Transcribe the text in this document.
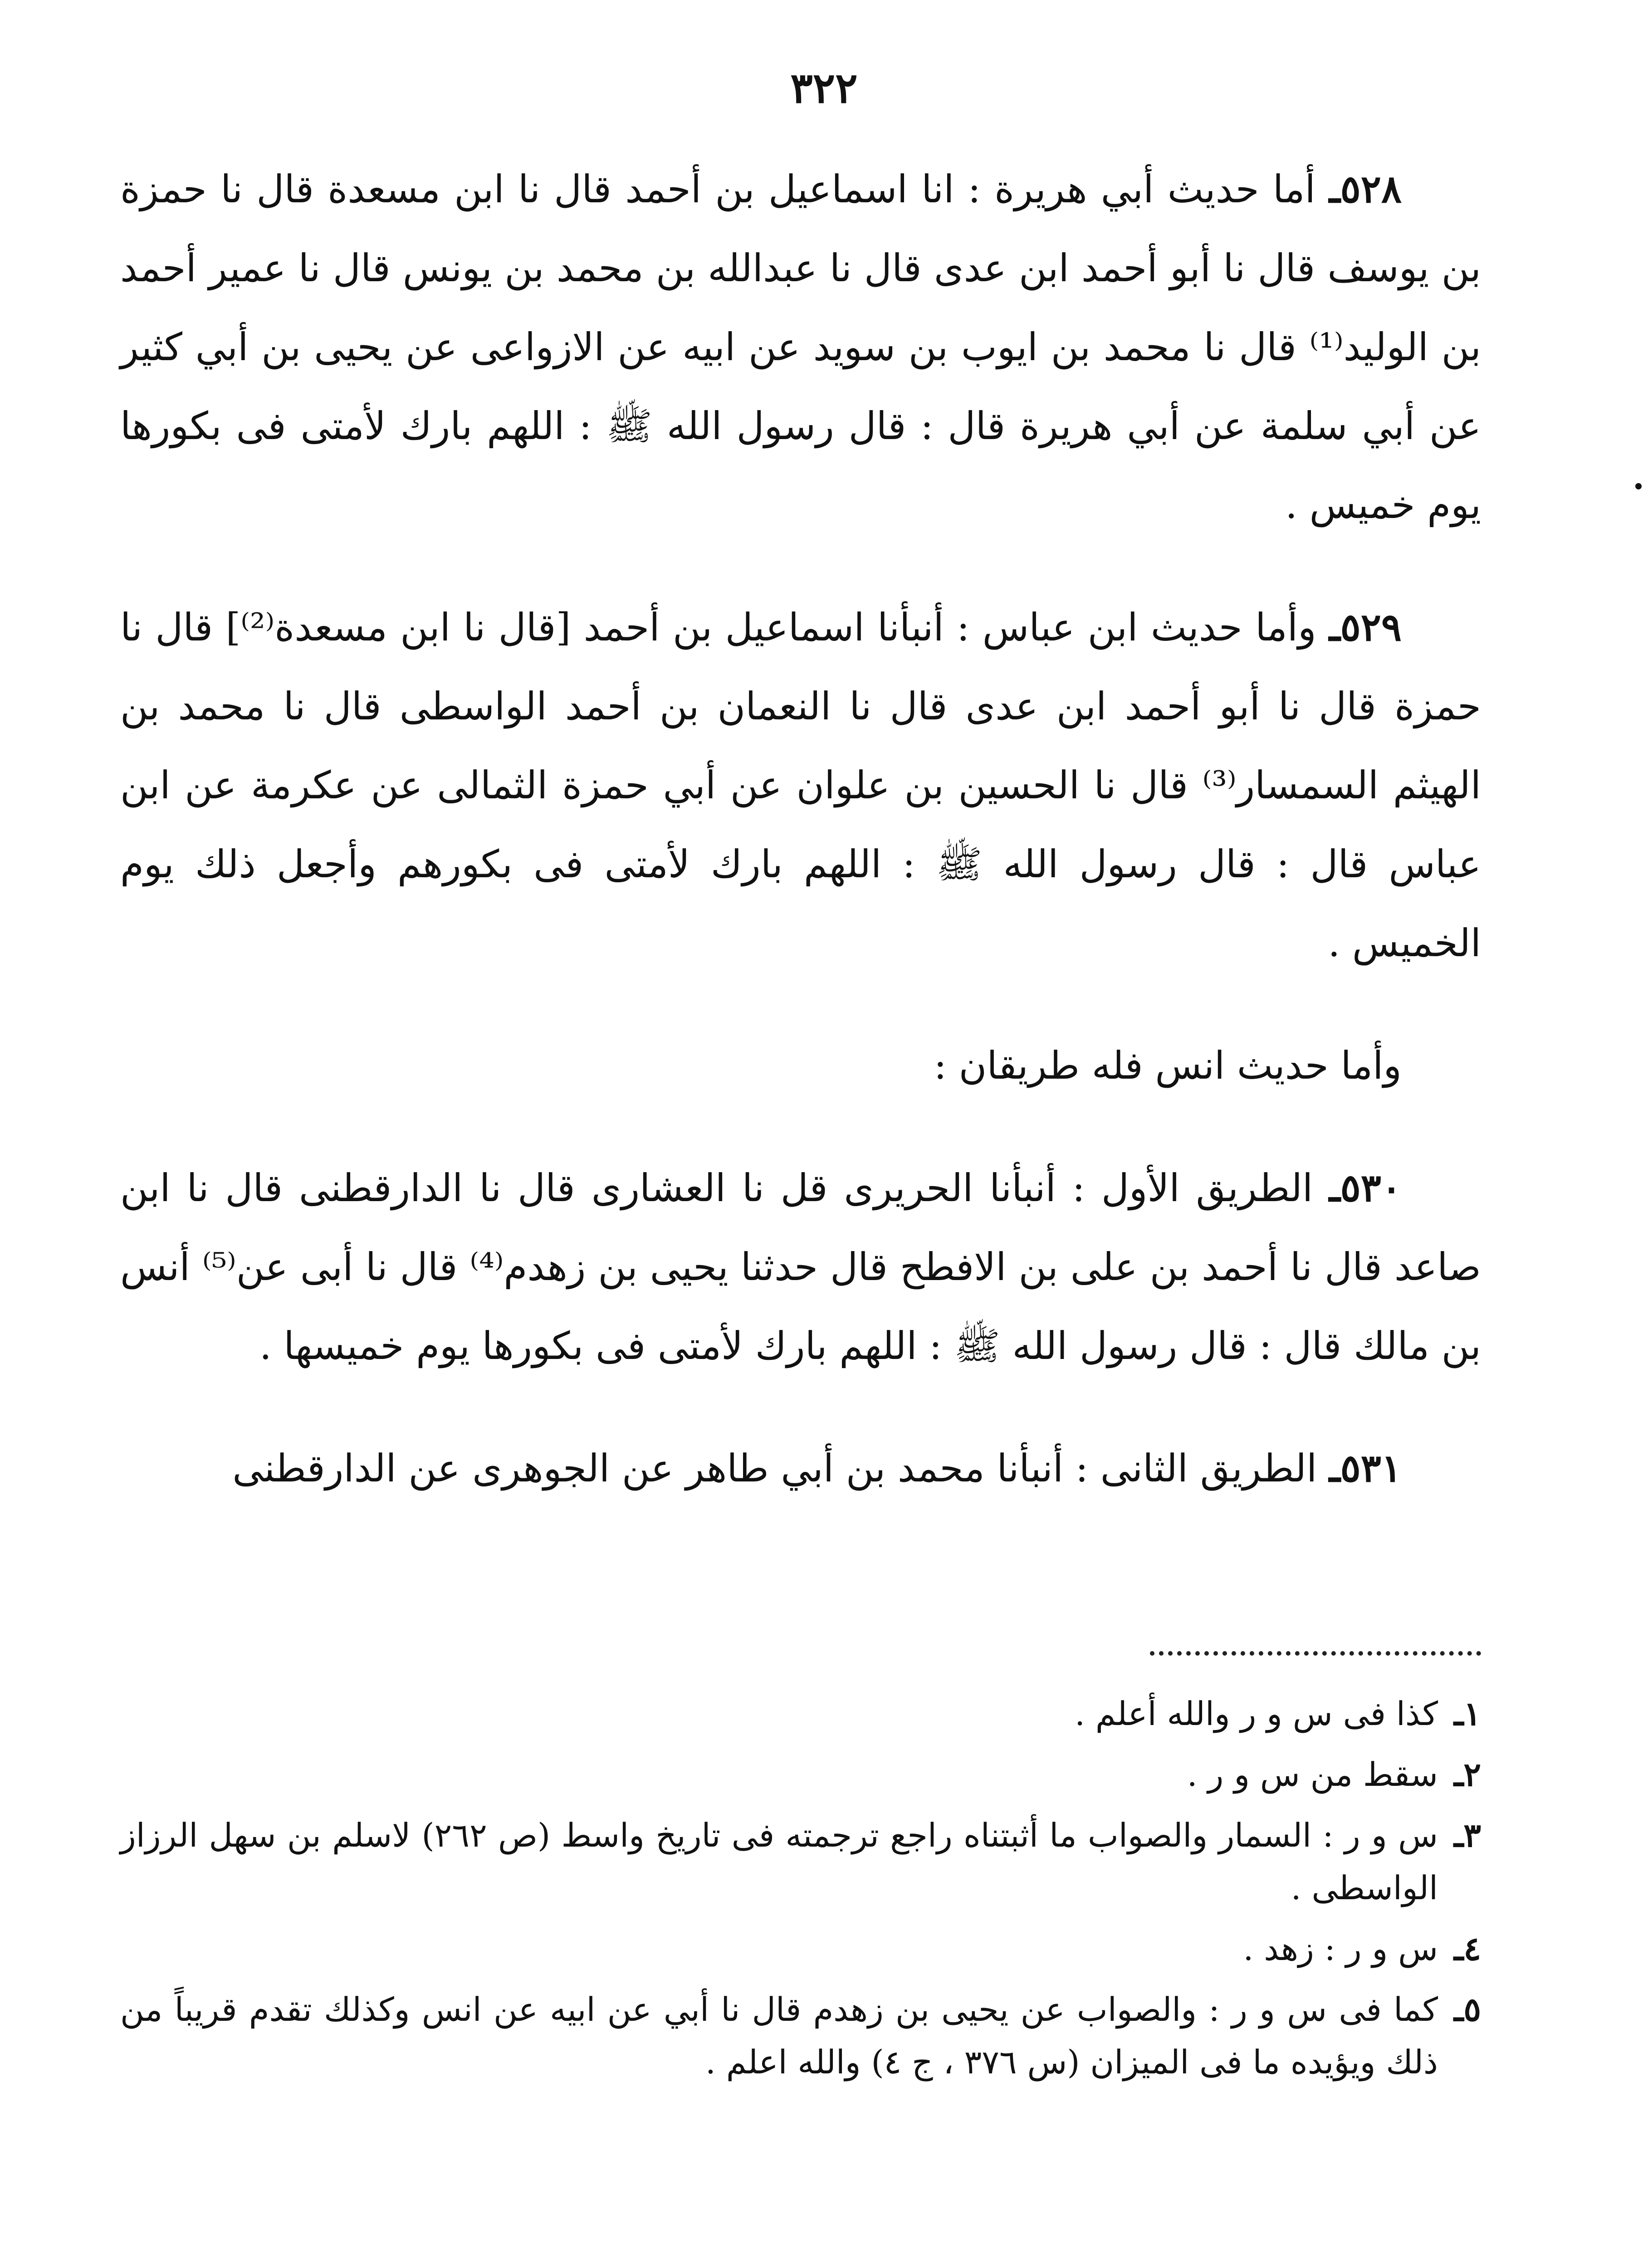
٣٢٢

٥٢٨ـ أما حديث أبي هريرة : انا اسماعيل بن أحمد قال نا ابن مسعدة قال نا حمزة بن يوسف قال نا أبو أحمد ابن عدى قال نا عبدالله بن محمد بن يونس قال نا عمير أحمد بن الوليد⁽¹⁾ قال نا محمد بن ايوب بن سويد عن ابيه عن الازواعى عن يحيى بن أبي كثير عن أبي سلمة عن أبي هريرة قال : قال رسول الله ﷺ : اللهم بارك لأمتى فى بكورها يوم خميس .

٥٢٩ـ وأما حديث ابن عباس : أنبأنا اسماعيل بن أحمد [قال نا ابن مسعدة⁽²⁾] قال نا حمزة قال نا أبو أحمد ابن عدى قال نا النعمان بن أحمد الواسطى قال نا محمد بن الهيثم السمسار⁽³⁾ قال نا الحسين بن علوان عن أبي حمزة الثمالى عن عكرمة عن ابن عباس قال : قال رسول الله ﷺ : اللهم بارك لأمتى فى بكورهم وأجعل ذلك يوم الخميس .

وأما حديث انس فله طريقان :

٥٣٠ـ الطريق الأول : أنبأنا الحريرى قل نا العشارى قال نا الدارقطنى قال نا ابن صاعد قال نا أحمد بن على بن الافطح قال حدثنا يحيى بن زهدم⁽⁴⁾ قال نا أبى عن⁽⁵⁾ أنس بن مالك قال : قال رسول الله ﷺ : اللهم بارك لأمتى فى بكورها يوم خميسها .

٥٣١ـ الطريق الثانى : أنبأنا محمد بن أبي طاهر عن الجوهرى عن الدارقطنى

١ـ
كذا فى س و ر والله أعلم .
٢ـ
سقط من س و ر .
٣ـ
س و ر : السمار والصواب ما أثبتناه راجع ترجمته فى تاريخ واسط (ص ٢٦٢) لاسلم بن سهل الرزاز الواسطى .
٤ـ
س و ر : زهد .
٥ـ
كما فى س و ر : والصواب عن يحيى بن زهدم قال نا أبي عن ابيه عن انس وكذلك تقدم قريباً من ذلك ويؤيده ما فى الميزان (س ٣٧٦ ، ج ٤) والله اعلم .
